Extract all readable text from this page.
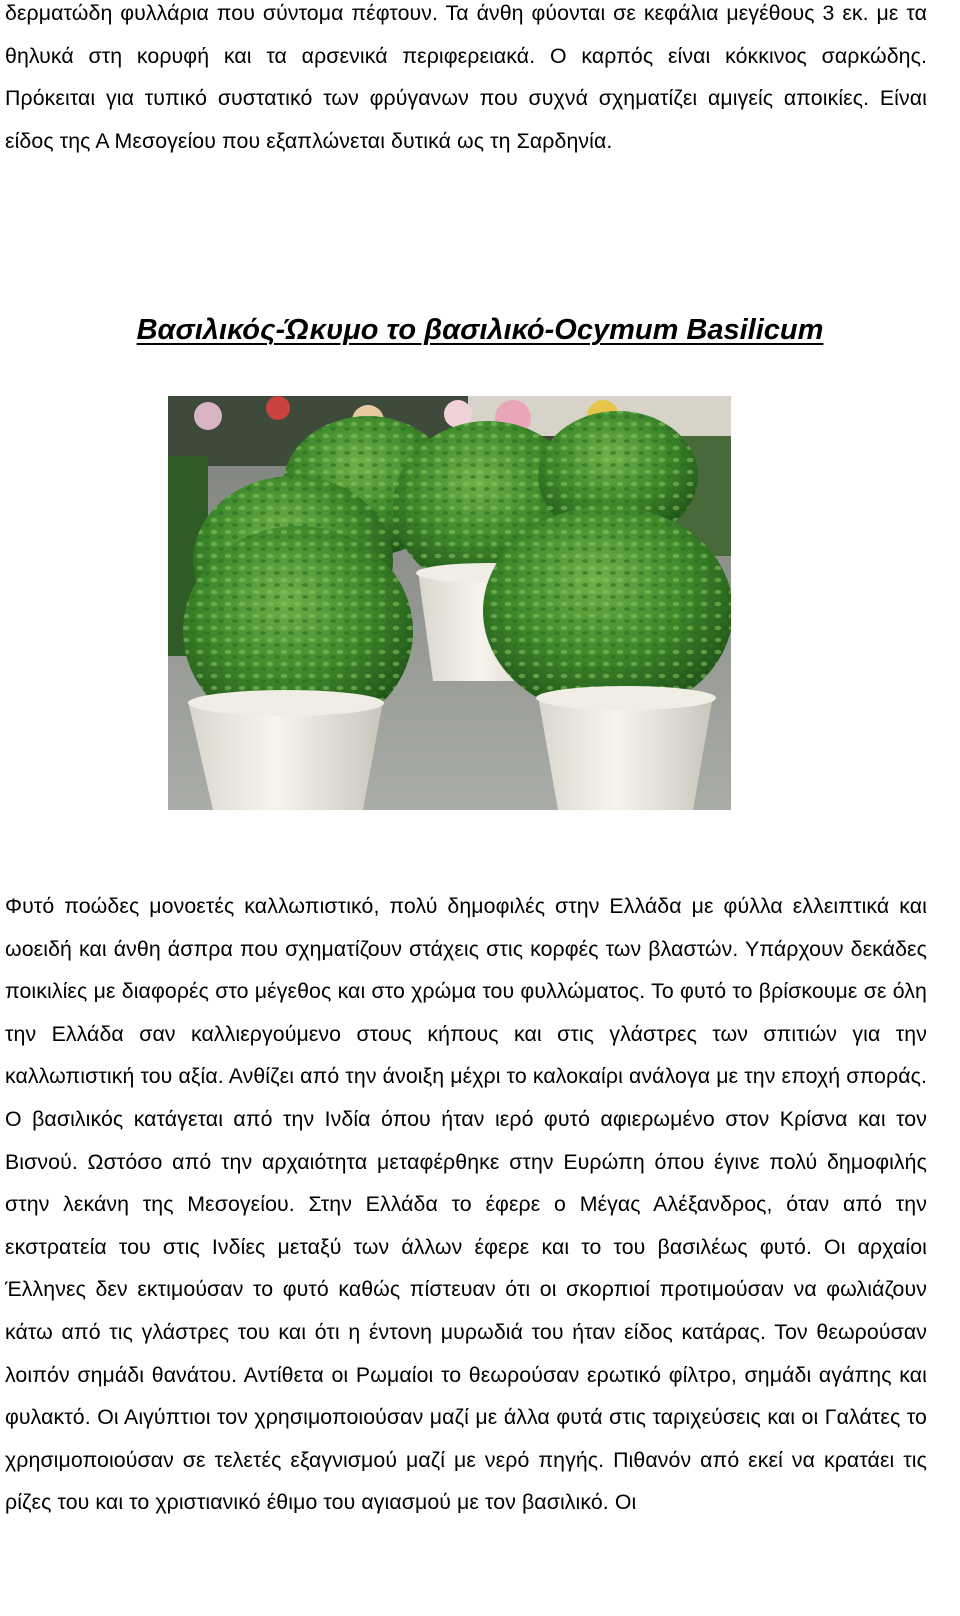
δερματώδη φυλλάρια που σύντομα πέφτουν. Τα άνθη φύονται σε κεφάλια μεγέθους 3 εκ. με τα θηλυκά στη κορυφή και τα αρσενικά περιφερειακά. Ο καρπός είναι κόκκινος σαρκώδης. Πρόκειται για τυπικό συστατικό των φρύγανων που συχνά σχηματίζει αμιγείς αποικίες. Είναι είδος της Α Μεσογείου που εξαπλώνεται δυτικά ως τη Σαρδηνία.

Βασιλικός-Ώκυμο το βασιλικό-Ocymum Basilicum

Φυτό ποώδες μονοετές καλλωπιστικό, πολύ δημοφιλές στην Ελλάδα με φύλλα ελλειπτικά και ωοειδή και άνθη άσπρα που σχηματίζουν στάχεις στις κορφές των βλαστών. Υπάρχουν δεκάδες ποικιλίες με διαφορές στο μέγεθος και στο χρώμα του φυλλώματος. Το φυτό το βρίσκουμε σε όλη την Ελλάδα σαν καλλιεργούμενο στους κήπους και στις γλάστρες των σπιτιών για την καλλωπιστική του αξία. Ανθίζει από την άνοιξη μέχρι το καλοκαίρι ανάλογα με την εποχή σποράς. Ο βασιλικός κατάγεται από την Ινδία όπου ήταν ιερό φυτό αφιερωμένο στον Κρίσνα και τον Βισνού. Ωστόσο από την αρχαιότητα μεταφέρθηκε στην Ευρώπη όπου έγινε πολύ δημοφιλής στην λεκάνη της Μεσογείου. Στην Ελλάδα το έφερε ο Μέγας Αλέξανδρος, όταν από την εκστρατεία του στις Ινδίες μεταξύ των άλλων έφερε και το του βασιλέως φυτό. Οι αρχαίοι Έλληνες δεν εκτιμούσαν το φυτό καθώς πίστευαν ότι οι σκορπιοί προτιμούσαν να φωλιάζουν κάτω από τις γλάστρες του και ότι η έντονη μυρωδιά του ήταν είδος κατάρας. Τον θεωρούσαν λοιπόν σημάδι θανάτου. Αντίθετα οι Ρωμαίοι το θεωρούσαν ερωτικό φίλτρο, σημάδι αγάπης και φυλακτό. Οι Αιγύπτιοι τον χρησιμοποιούσαν μαζί με άλλα φυτά στις ταριχεύσεις και οι Γαλάτες το χρησιμοποιούσαν σε τελετές εξαγνισμού μαζί με νερό πηγής. Πιθανόν από εκεί να κρατάει τις ρίζες του και το χριστιανικό έθιμο του αγιασμού με τον βασιλικό. Οι
